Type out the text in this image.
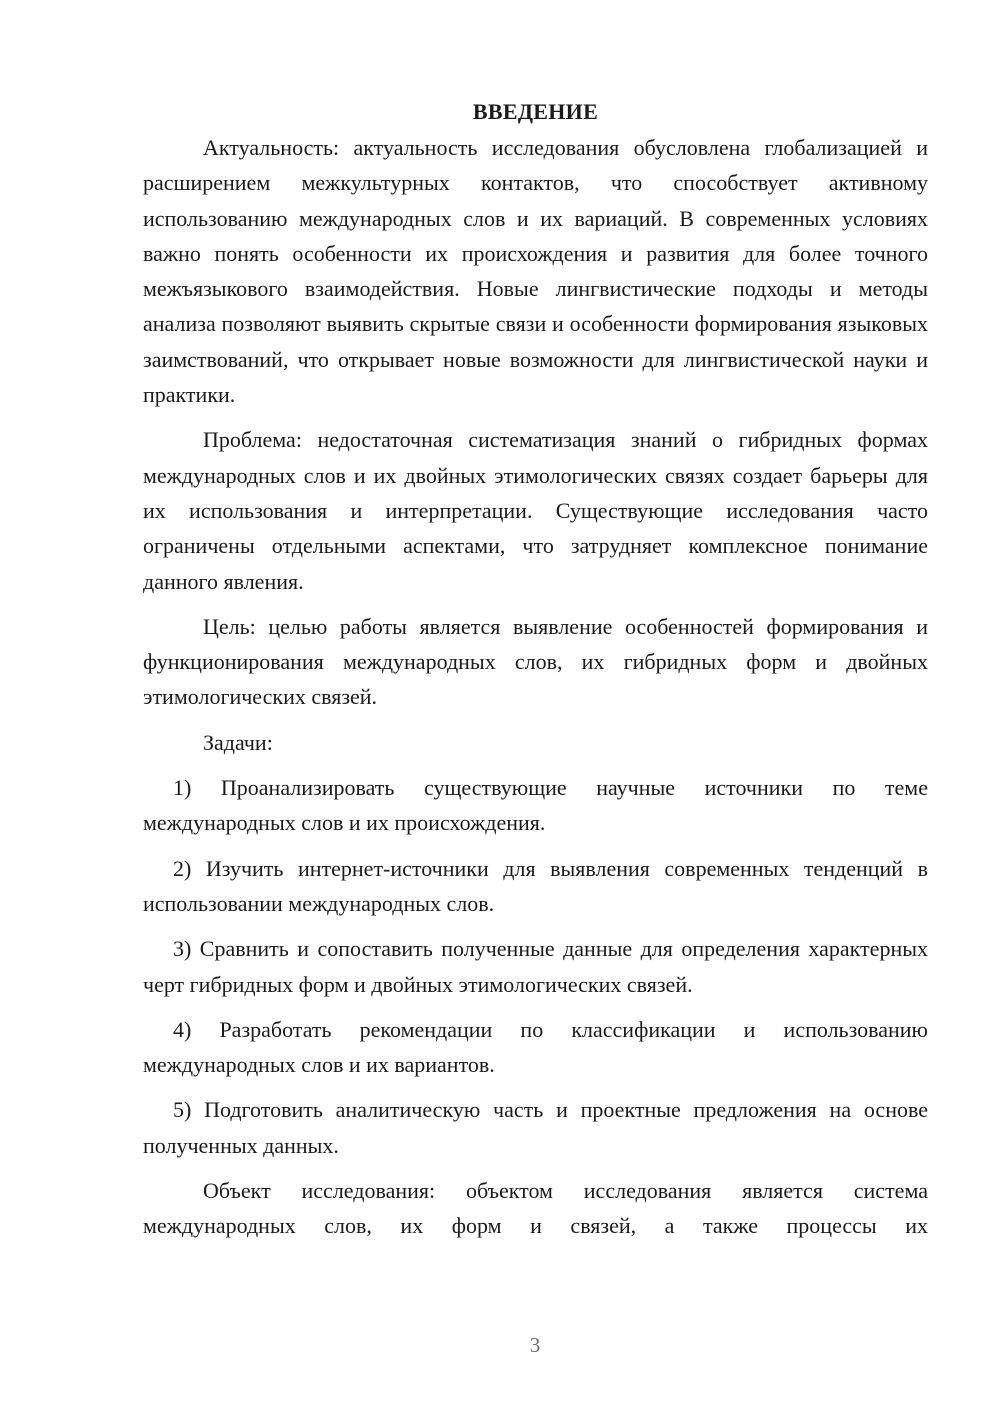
ВВЕДЕНИЕ

Актуальность: актуальность исследования обусловлена глобализацией и расширением межкультурных контактов, что способствует активному использованию международных слов и их вариаций. В современных условиях важно понять особенности их происхождения и развития для более точного межъязыкового взаимодействия. Новые лингвистические подходы и методы анализа позволяют выявить скрытые связи и особенности формирования языковых заимствований, что открывает новые возможности для лингвистической науки и практики.

Проблема: недостаточная систематизация знаний о гибридных формах международных слов и их двойных этимологических связях создает барьеры для их использования и интерпретации. Существующие исследования часто ограничены отдельными аспектами, что затрудняет комплексное понимание данного явления.

Цель: целью работы является выявление особенностей формирования и функционирования международных слов, их гибридных форм и двойных этимологических связей.

Задачи:

1) Проанализировать существующие научные источники по теме международных слов и их происхождения.

2) Изучить интернет-источники для выявления современных тенденций в использовании международных слов.

3) Сравнить и сопоставить полученные данные для определения характерных черт гибридных форм и двойных этимологических связей.

4) Разработать рекомендации по классификации и использованию международных слов и их вариантов.

5) Подготовить аналитическую часть и проектные предложения на основе полученных данных.

Объект исследования: объектом исследования является система международных слов, их форм и связей, а также процессы их

3
